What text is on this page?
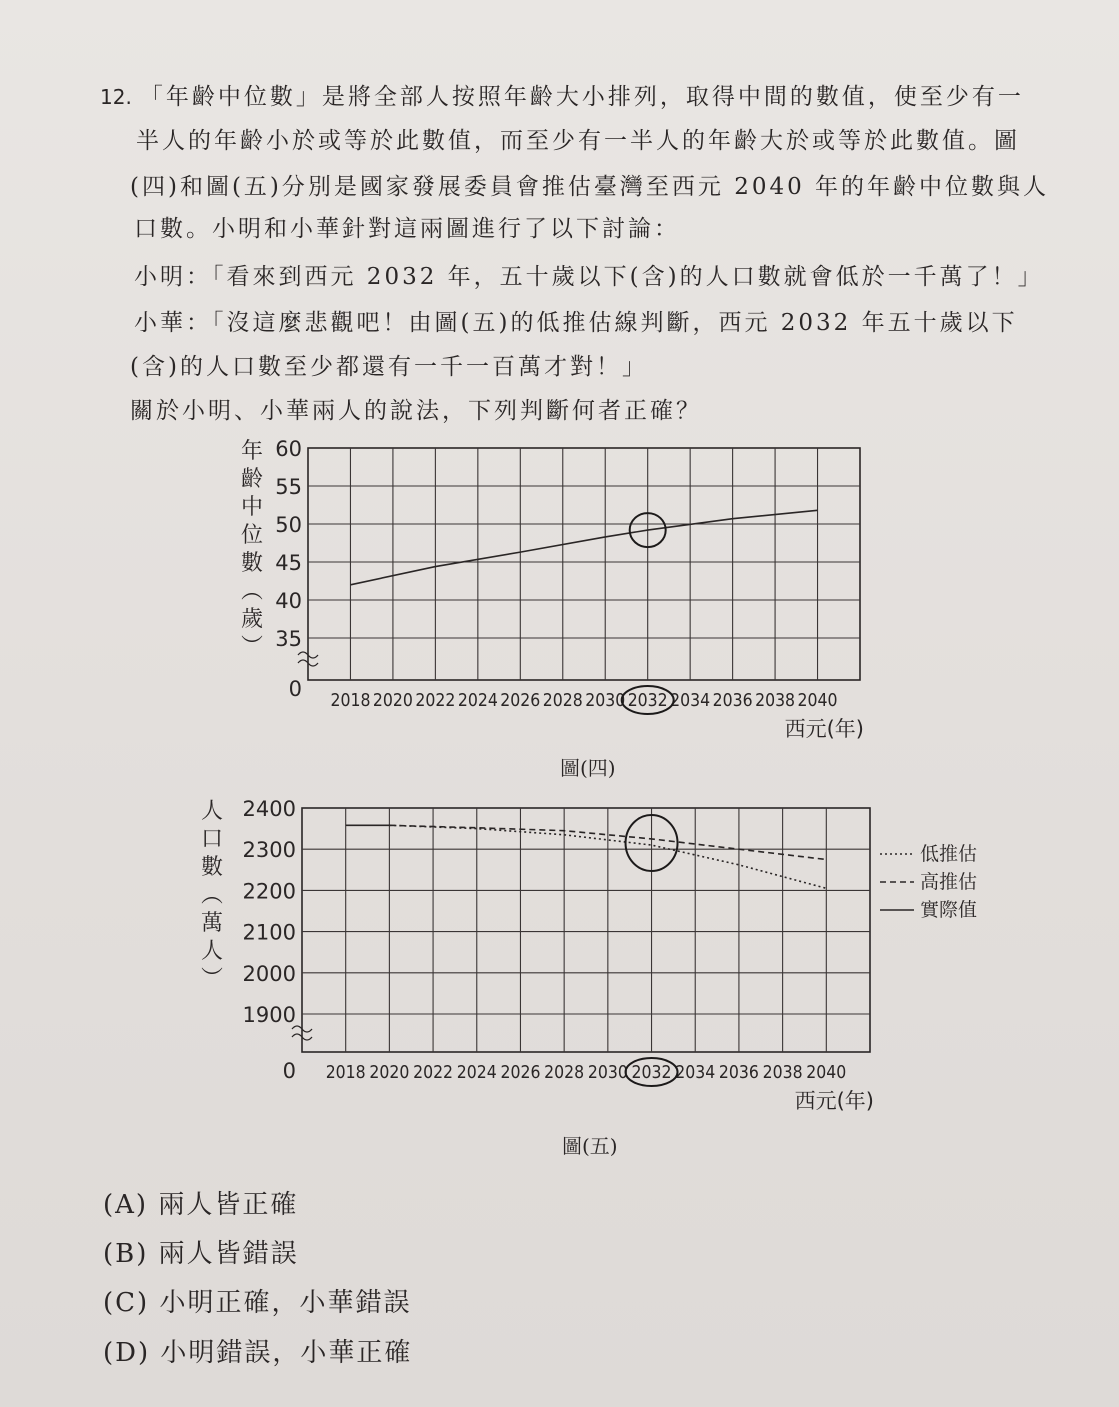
12. 「年齡中位數」是將全部人按照年齡大小排列，取得中間的數值，使至少有一
半人的年齡小於或等於此數值，而至少有一半人的年齡大於或等於此數值。圖
(四)和圖(五)分別是國家發展委員會推估臺灣至西元 2040 年的年齡中位數與人
口數。小明和小華針對這兩圖進行了以下討論：
小明：「看來到西元 2032 年，五十歲以下(含)的人口數就會低於一千萬了！」
小華：「沒這麼悲觀吧！由圖(五)的低推估線判斷，西元 2032 年五十歲以下
(含)的人口數至少都還有一千一百萬才對！」
關於小明、小華兩人的說法，下列判斷何者正確？
0
35
40
45
50
55
60
2018 2020 2022 2024 2026 2028 2030 2032 2034 2036 2038 2040
西元(年)
年
齡
中
位
數
︵
歲
︶
圖(四)
0
1900
2000
2100
2200
2300
2400
2018 2020 2022 2024 2026 2028 2030 2032 2034 2036 2038 2040
西元(年)
人
口
數
︵
萬
人
︶
低推估
高推估
實際值
圖(五)
(A) 兩人皆正確
(B) 兩人皆錯誤
(C) 小明正確，小華錯誤
(D) 小明錯誤，小華正確
